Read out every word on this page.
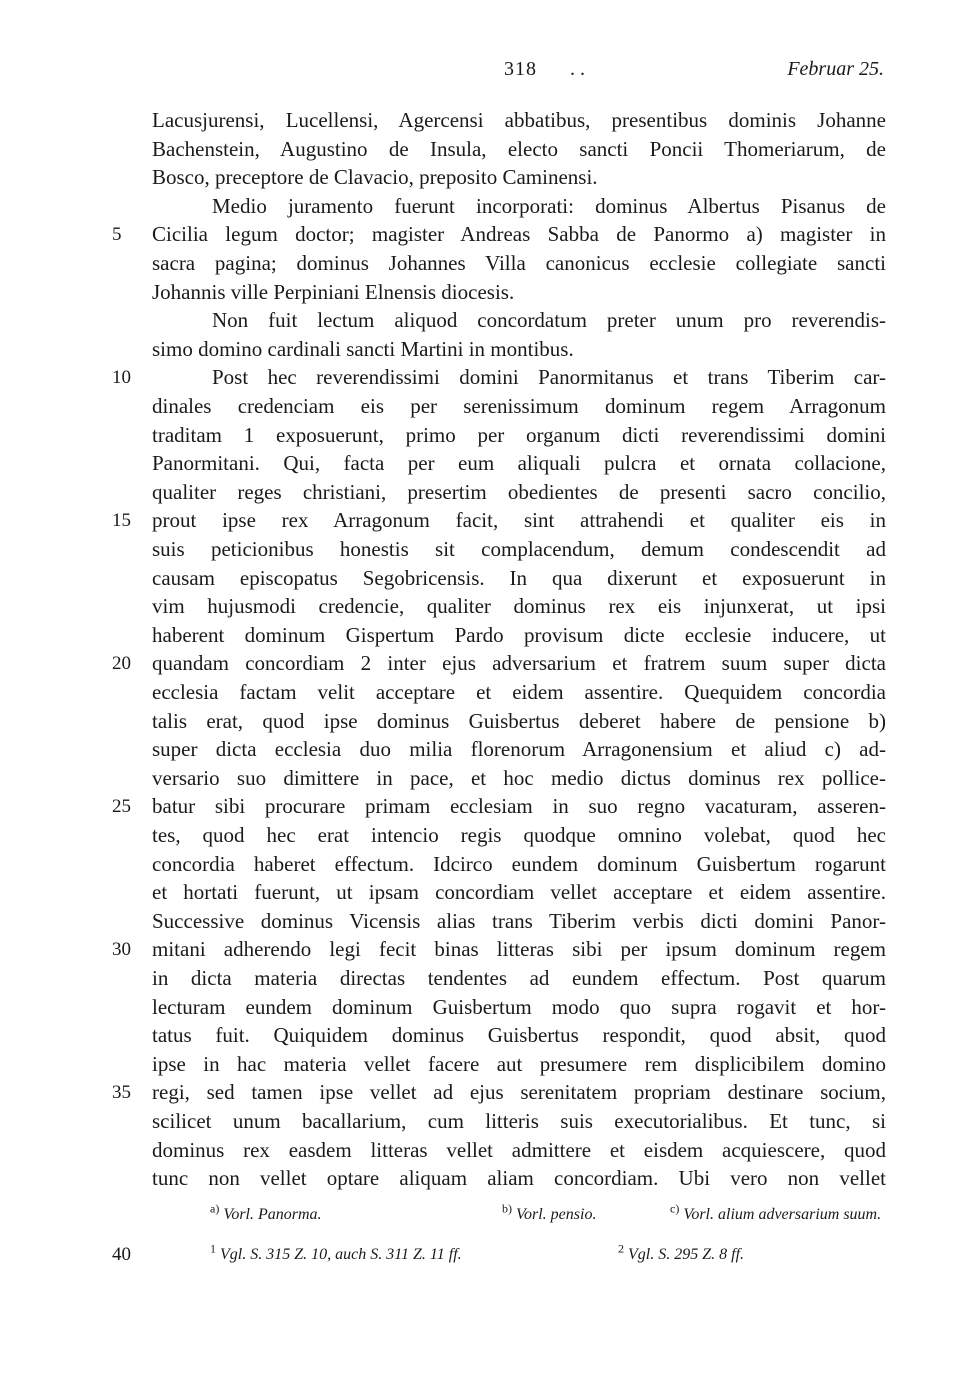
318 . .	Februar 25.
Lacusjurensi, Lucellensi, Agercensi abbatibus, presentibus dominis Johanne
Bachenstein, Augustino de Insula, electo sancti Poncii Thomeriarum, de
Bosco, preceptore de Clavacio, preposito Caminensi.
Medio juramento fuerunt incorporati: dominus Albertus Pisanus de
Cicilia legum doctor; magister Andreas Sabba de Panormo a) magister in
sacra pagina; dominus Johannes Villa canonicus ecclesie collegiate sancti
Johannis ville Perpiniani Elnensis diocesis.
Non fuit lectum aliquod concordatum preter unum pro reverendis-
simo domino cardinali sancti Martini in montibus.
Post hec reverendissimi domini Panormitanus et trans Tiberim car-
dinales credenciam eis per serenissimum dominum regem Arragonum
traditam 1 exposuerunt, primo per organum dicti reverendissimi domini
Panormitani. Qui, facta per eum aliquali pulcra et ornata collacione,
qualiter reges christiani, presertim obedientes de presenti sacro concilio,
prout ipse rex Arragonum facit, sint attrahendi et qualiter eis in
suis peticionibus honestis sit complacendum, demum condescendit ad
causam episcopatus Segobricensis. In qua dixerunt et exposuerunt in
vim hujusmodi credencie, qualiter dominus rex eis injunxerat, ut ipsi
haberent dominum Gispertum Pardo provisum dicte ecclesie inducere, ut
quandam concordiam 2 inter ejus adversarium et fratrem suum super dicta
ecclesia factam velit acceptare et eidem assentire. Quequidem concordia
talis erat, quod ipse dominus Guisbertus deberet habere de pensione b)
super dicta ecclesia duo milia florenorum Arragonensium et aliud c) ad-
versario suo dimittere in pace, et hoc medio dictus dominus rex pollice-
batur sibi procurare primam ecclesiam in suo regno vacaturam, asseren-
tes, quod hec erat intencio regis quodque omnino volebat, quod hec
concordia haberet effectum. Idcirco eundem dominum Guisbertum rogarunt
et hortati fuerunt, ut ipsam concordiam vellet acceptare et eidem assentire.
Successive dominus Vicensis alias trans Tiberim verbis dicti domini Panor-
mitani adherendo legi fecit binas litteras sibi per ipsum dominum regem
in dicta materia directas tendentes ad eundem effectum. Post quarum
lecturam eundem dominum Guisbertum modo quo supra rogavit et hor-
tatus fuit. Quiquidem dominus Guisbertus respondit, quod absit, quod
ipse in hac materia vellet facere aut presumere rem displicibilem domino
regi, sed tamen ipse vellet ad ejus serenitatem propriam destinare socium,
scilicet unum bacallarium, cum litteris suis executorialibus. Et tunc, si
dominus rex easdem litteras vellet admittere et eisdem acquiescere, quod
tunc non vellet optare aliquam aliam concordiam. Ubi vero non vellet
5
10
15
20
25
30
35
$^{a)}$ Vorl. Panorma.	$^{b)}$ Vorl. pensio.	$^{c)}$ Vorl. alium adversarium suum.
40	$^1$ Vgl. S. 315 Z. 10, auch S. 311 Z. 11 ff.	$^2$ Vgl. S. 295 Z. 8 ff.
